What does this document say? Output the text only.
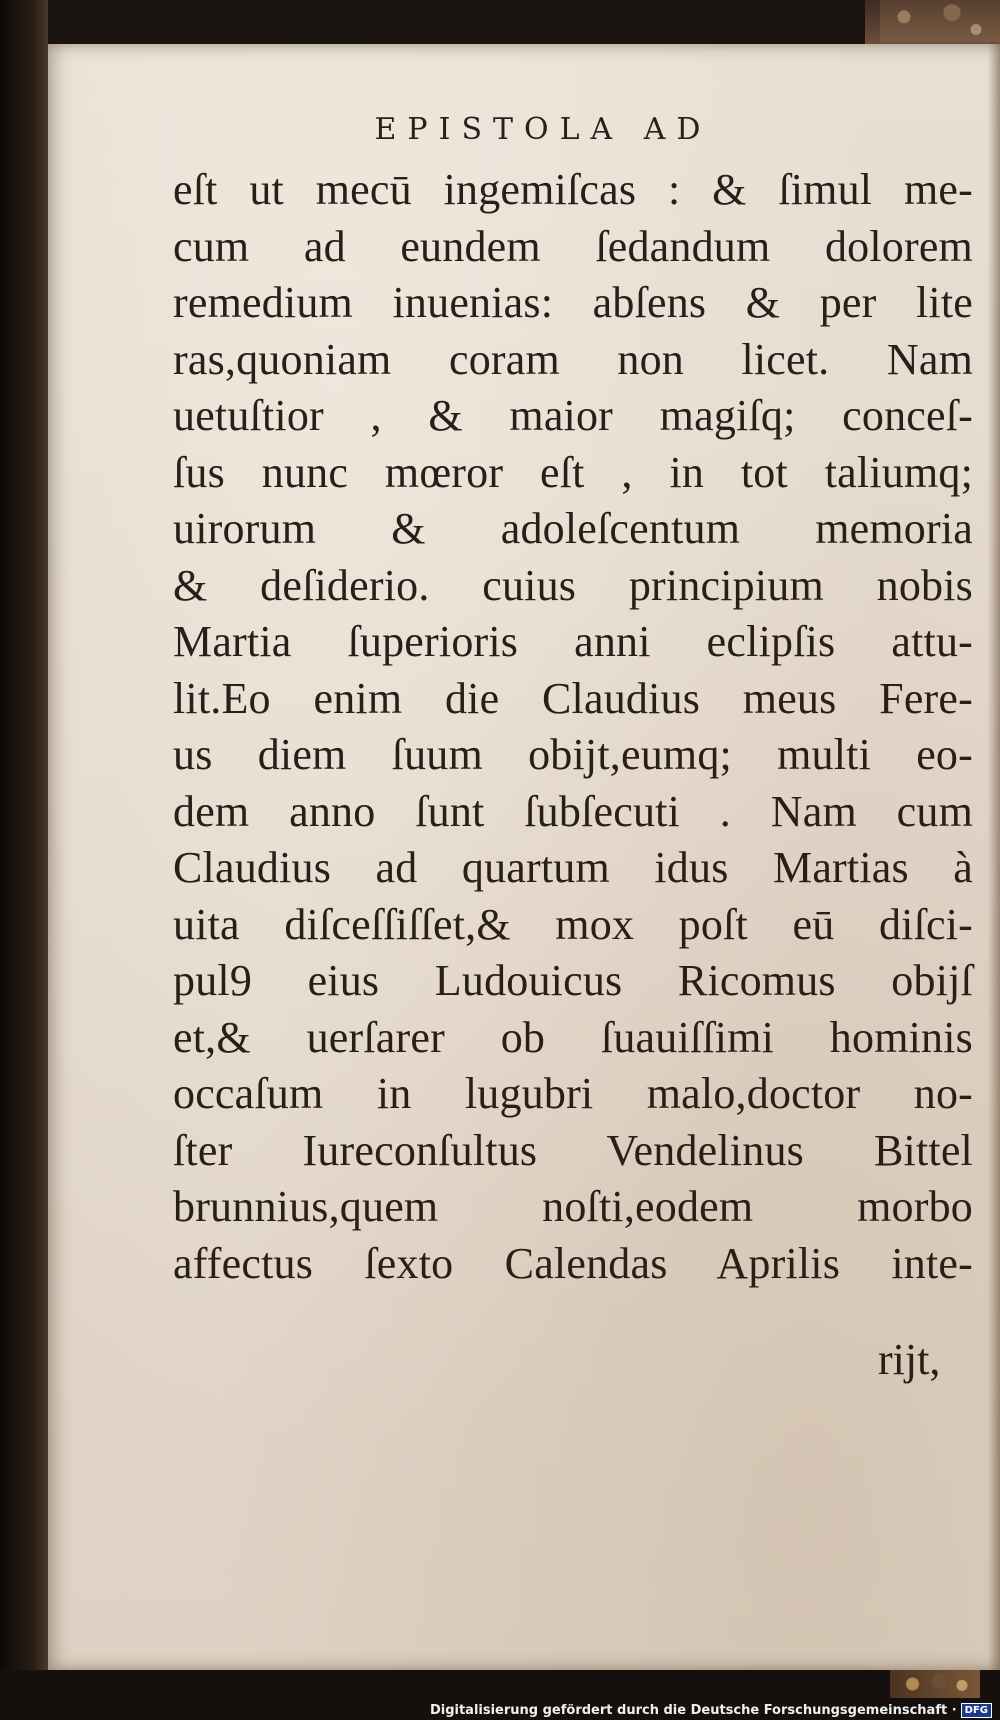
EPISTOLA AD
eſt ut mecū ingemiſcas : & ſimul me-
cum ad eundem ſedandum dolorem
remedium inuenias: abſens & per lite
ras,quoniam coram non licet. Nam
uetuſtior , & maior magiſq; conceſ-
ſus nunc mœror eſt , in tot taliumq;
uirorum & adoleſcentum memoria
& deſiderio. cuius principium nobis
Martia ſuperioris anni eclipſis attu-
lit.Eo enim die Claudius meus Fere-
us diem ſuum obijt,eumq; multi eo-
dem anno ſunt ſubſecuti . Nam cum
Claudius ad quartum idus Martias à
uita diſceſſiſſet,& mox poſt eū diſci-
pul9 eius Ludouicus Ricomus obijſ
et,& uerſarer ob ſuauiſſimi hominis
occaſum in lugubri malo,doctor no-
ſter Iureconſultus Vendelinus Bittel
brunnius,quem noſti,eodem morbo
affectus ſexto Calendas Aprilis inte-
rijt,
Digitalisierung gefördert durch die Deutsche Forschungsgemeinschaft · DFG
